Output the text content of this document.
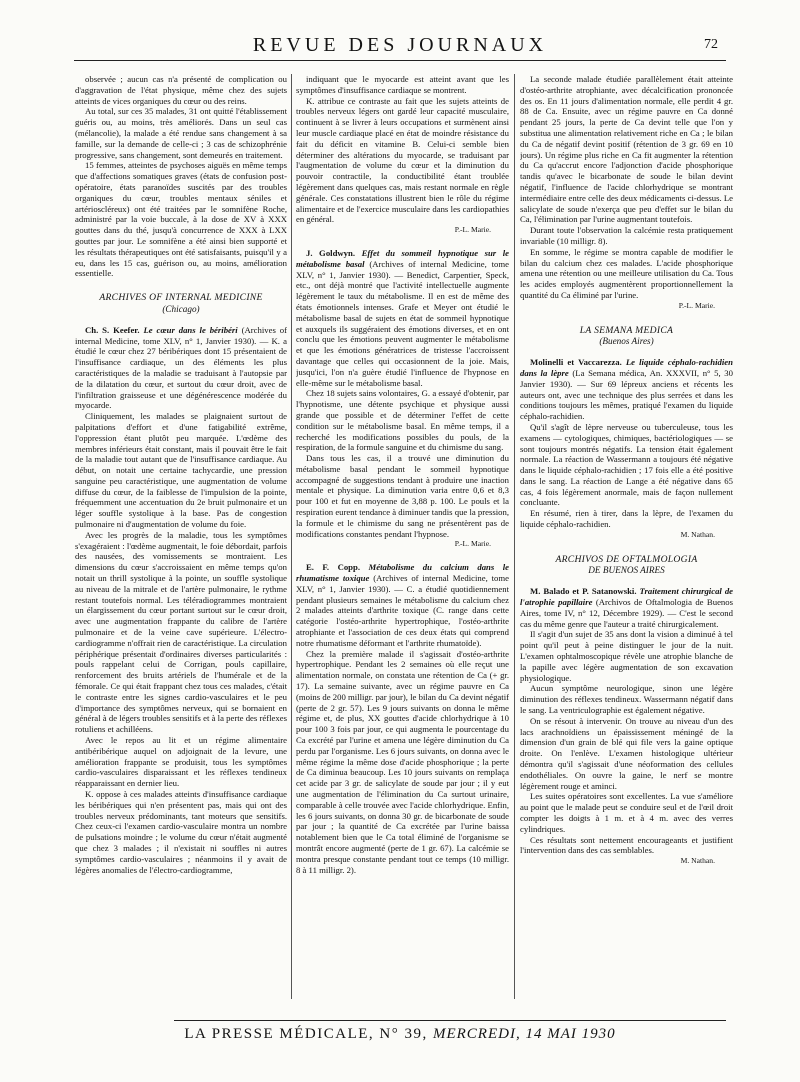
REVUE DES JOURNAUX	72

observée ; aucun cas n'a présenté de complication ou d'aggravation de l'état physique, même chez des sujets atteints de vices organiques du cœur ou des reins.

Au total, sur ces 35 malades, 31 ont quitté l'établissement guéris ou, au moins, très améliorés. Dans un seul cas (mélancolie), la malade a été rendue sans changement à sa famille, sur la demande de celle-ci ; 3 cas de schizophrénie progressive, sans changement, sont demeurés en traitement.

15 femmes, atteintes de psychoses aiguës en même temps que d'affections somatiques graves (états de confusion post-opératoire, états paranoïdes suscités par des troubles organiques du cœur, troubles mentaux séniles et artérioscléreux) ont été traitées par le somnifène Roche, administré par la voie buccale, à la dose de XV à XXX gouttes dans du thé, jusqu'à concurrence de XXX à LXX gouttes par jour. Le somnifène a été ainsi bien supporté et les résultats thérapeutiques ont été satisfaisants, puisqu'il y a eu, dans les 15 cas, guérison ou, au moins, amélioration essentielle.

ARCHIVES OF INTERNAL MEDICINE
(Chicago)

Ch. S. Keefer. Le cœur dans le béribéri (Archives of internal Medicine, tome XLV, n° 1, Janvier 1930). — K. a étudié le cœur chez 27 béribériques dont 15 présentaient de l'insuffisance cardiaque, un des éléments les plus caractéristiques de la maladie se traduisant à l'autopsie par de la dilatation du cœur, et surtout du cœur droit, avec de l'infiltration graisseuse et une dégénérescence modérée du myocarde.

Cliniquement, les malades se plaignaient surtout de palpitations d'effort et d'une fatigabilité extrême, l'oppression étant plutôt peu marquée. L'œdème des membres inférieurs était constant, mais il pouvait être le fait de la maladie tout autant que de l'insuffisance cardiaque. Au début, on notait une certaine tachycardie, une pression sanguine peu caractéristique, une augmentation de volume diffuse du cœur, de la faiblesse de l'impulsion de la pointe, fréquemment une accentuation du 2e bruit pulmonaire et un léger souffle systolique à la base. Pas de congestion pulmonaire ni d'augmentation de volume du foie.

Avec les progrès de la maladie, tous les symptômes s'exagéraient : l'œdème augmentait, le foie débordait, parfois des nausées, des vomissements se montraient. Les dimensions du cœur s'accroissaient en même temps qu'on notait un thrill systolique à la pointe, un souffle systolique au niveau de la mitrale et de l'artère pulmonaire, le rythme restant toutefois normal. Les téléradiogrammes montraient un élargissement du cœur portant surtout sur le cœur droit, avec une augmentation frappante du calibre de l'artère pulmonaire et de la veine cave supérieure. L'électro-cardiogramme n'offrait rien de caractéristique. La circulation périphérique présentait d'ordinaires diverses particularités : pouls rappelant celui de Corrigan, pouls capillaire, renforcement des bruits artériels de l'humérale et de la fémorale. Ce qui était frappant chez tous ces malades, c'était le contraste entre les signes cardio-vasculaires et le peu d'importance des symptômes nerveux, qui se bornaient en général à de légers troubles sensitifs et à la perte des réflexes rotuliens et achilléens.

Avec le repos au lit et un régime alimentaire antibéribérique auquel on adjoignait de la levure, une amélioration frappante se produisit, tous les symptômes cardio-vasculaires disparaissant et les réflexes tendineux réapparaissant en dernier lieu.

K. oppose à ces malades atteints d'insuffisance cardiaque les béribériques qui n'en présentent pas, mais qui ont des troubles nerveux prédominants, tant moteurs que sensitifs. Chez ceux-ci l'examen cardio-vasculaire montra un nombre de pulsations moindre ; le volume du cœur n'était augmenté que chez 3 malades ; il n'existait ni souffles ni autres symptômes cardio-vasculaires ; néanmoins il y avait de légères anomalies de l'électro-cardiogramme,

indiquant que le myocarde est atteint avant que les symptômes d'insuffisance cardiaque se montrent.

K. attribue ce contraste au fait que les sujets atteints de troubles nerveux légers ont gardé leur capacité musculaire, continuent à se livrer à leurs occupations et surmènent ainsi leur muscle cardiaque placé en état de moindre résistance du fait du déficit en vitamine B. Celui-ci semble bien déterminer des altérations du myocarde, se traduisant par l'augmentation de volume du cœur et la diminution du pouvoir contractile, la conductibilité étant troublée légèrement dans quelques cas, mais restant normale en règle générale. Ces constatations illustrent bien le rôle du régime alimentaire et de l'exercice musculaire dans les cardiopathies en général.

P.-L. Marie.

J. Goldwyn. Effet du sommeil hypnotique sur le métabolisme basal (Archives of internal Medicine, tome XLV, n° 1, Janvier 1930). — Benedict, Carpentier, Speck, etc., ont déjà montré que l'activité intellectuelle augmente légèrement le taux du métabolisme. Il en est de même des états émotionnels intenses. Grafe et Meyer ont étudié le métabolisme basal de sujets en état de sommeil hypnotique et auxquels ils suggéraient des émotions diverses, et en ont conclu que les émotions peuvent augmenter le métabolisme et que les émotions génératrices de tristesse l'accroissent davantage que celles qui occasionnent de la joie. Mais, jusqu'ici, l'on n'a guère étudié l'influence de l'hypnose en elle-même sur le métabolisme basal.

Chez 18 sujets sains volontaires, G. a essayé d'obtenir, par l'hypnotisme, une détente psychique et physique aussi grande que possible et de déterminer l'effet de cette condition sur le métabolisme basal. En même temps, il a recherché les modifications possibles du pouls, de la respiration, de la formule sanguine et du chimisme du sang.

Dans tous les cas, il a trouvé une diminution du métabolisme basal pendant le sommeil hypnotique accompagné de suggestions tendant à produire une inaction mentale et physique. La diminution varia entre 0,6 et 8,3 pour 100 et fut en moyenne de 3,88 p. 100. Le pouls et la respiration eurent tendance à diminuer tandis que la pression, la formule et le chimisme du sang ne présentèrent pas de modifications constantes pendant l'hypnose.

P.-L. Marie.

E. F. Copp. Métabolisme du calcium dans le rhumatisme toxique (Archives of internal Medicine, tome XLV, n° 1, Janvier 1930). — C. a étudié quotidiennement pendant plusieurs semaines le métabolisme du calcium chez 2 malades atteints d'arthrite toxique (C. range dans cette catégorie l'ostéo-arthrite hypertrophique, l'ostéo-arthrite atrophiante et l'association de ces deux états qui comprend notre rhumatisme déformant et l'arthrite rhumatoïde).

Chez la première malade il s'agissait d'ostéo-arthrite hypertrophique. Pendant les 2 semaines où elle reçut une alimentation normale, on constata une rétention de Ca (+ gr. 17). La semaine suivante, avec un régime pauvre en Ca (moins de 200 milligr. par jour), le bilan du Ca devint négatif (perte de 2 gr. 57). Les 9 jours suivants on donna le même régime et, de plus, XX gouttes d'acide chlorhydrique à 10 pour 100 3 fois par jour, ce qui augmenta le pourcentage du Ca excrété par l'urine et amena une légère diminution du Ca perdu par l'organisme. Les 6 jours suivants, on donna avec le même régime la même dose d'acide phosphorique ; la perte de Ca diminua beaucoup. Les 10 jours suivants on remplaça cet acide par 3 gr. de salicylate de soude par jour ; il y eut une augmentation de l'élimination du Ca surtout urinaire, comparable à celle trouvée avec l'acide chlorhydrique. Enfin, les 6 jours suivants, on donna 30 gr. de bicarbonate de soude par jour ; la quantité de Ca excrétée par l'urine baissa notablement bien que le Ca total éliminé de l'organisme se montrât encore augmenté (perte de 1 gr. 67). La calcémie se montra presque constante pendant tout ce temps (10 milligr. 8 à 11 milligr. 2).

La seconde malade étudiée parallèlement était atteinte d'ostéo-arthrite atrophiante, avec décalcification prononcée des os. En 11 jours d'alimentation normale, elle perdit 4 gr. 88 de Ca. Ensuite, avec un régime pauvre en Ca donné pendant 25 jours, la perte de Ca devint telle que l'on y substitua une alimentation relativement riche en Ca ; le bilan du Ca de négatif devint positif (rétention de 3 gr. 69 en 10 jours). Un régime plus riche en Ca fit augmenter la rétention du Ca qu'accrut encore l'adjonction d'acide phosphorique tandis qu'avec le bicarbonate de soude le bilan devint négatif, l'influence de l'acide chlorhydrique se montrant intermédiaire entre celle des deux médicaments ci-dessus. Le salicylate de soude n'exerça que peu d'effet sur le bilan du Ca, l'élimination par l'urine augmentant toutefois.

Durant toute l'observation la calcémie resta pratiquement invariable (10 milligr. 8).

En somme, le régime se montra capable de modifier le bilan du calcium chez ces malades. L'acide phosphorique amena une rétention ou une meilleure utilisation du Ca. Tous les acides employés augmentèrent proportionnellement la quantité du Ca éliminé par l'urine.

P.-L. Marie.

LA SEMANA MEDICA
(Buenos Aires)

Molinelli et Vaccarezza. Le liquide céphalo-rachidien dans la lèpre (La Semana médica, An. XXXVII, n° 5, 30 Janvier 1930). — Sur 69 lépreux anciens et récents les auteurs ont, avec une technique des plus serrées et dans les conditions toujours les mêmes, pratiqué l'examen du liquide céphalo-rachidien.

Qu'il s'agît de lèpre nerveuse ou tuberculeuse, tous les examens — cytologiques, chimiques, bactériologiques — se sont toujours montrés négatifs. La tension était également normale. La réaction de Wassermann a toujours été négative dans le liquide céphalo-rachidien ; 17 fois elle a été positive dans le sang. La réaction de Lange a été négative dans 65 cas, 4 fois légèrement anormale, mais de façon nullement concluante.

En résumé, rien à tirer, dans la lèpre, de l'examen du liquide céphalo-rachidien.

M. Nathan.

ARCHIVOS DE OFTALMOLOGIA
DE BUENOS AIRES

M. Balado et P. Satanowski. Traitement chirurgical de l'atrophie papillaire (Archivos de Oftalmologia de Buenos Aires, tome IV, n° 12, Décembre 1929). — C'est le second cas du même genre que l'auteur a traité chirurgicalement.

Il s'agit d'un sujet de 35 ans dont la vision a diminué à tel point qu'il peut à peine distinguer le jour de la nuit. L'examen ophtalmoscopique révèle une atrophie blanche de la papille avec légère augmentation de son excavation physiologique.

Aucun symptôme neurologique, sinon une légère diminution des réflexes tendineux. Wassermann négatif dans le sang. La ventriculographie est également négative.

On se résout à intervenir. On trouve au niveau d'un des lacs arachnoïdiens un épaississement méningé de la dimension d'un grain de blé qui file vers la gaine optique droite. On l'enlève. L'examen histologique ultérieur démontra qu'il s'agissait d'une néoformation des cellules endothéliales. On ouvre la gaine, le nerf se montre légèrement rouge et aminci.

Les suites opératoires sont excellentes. La vue s'améliore au point que le malade peut se conduire seul et de l'œil droit compter les doigts à 1 m. et à 4 m. avec des verres cylindriques.

Ces résultats sont nettement encourageants et justifient l'intervention dans des cas semblables.

M. Nathan.

LA PRESSE MÉDICALE, N° 39, MERCREDI, 14 MAI 1930
